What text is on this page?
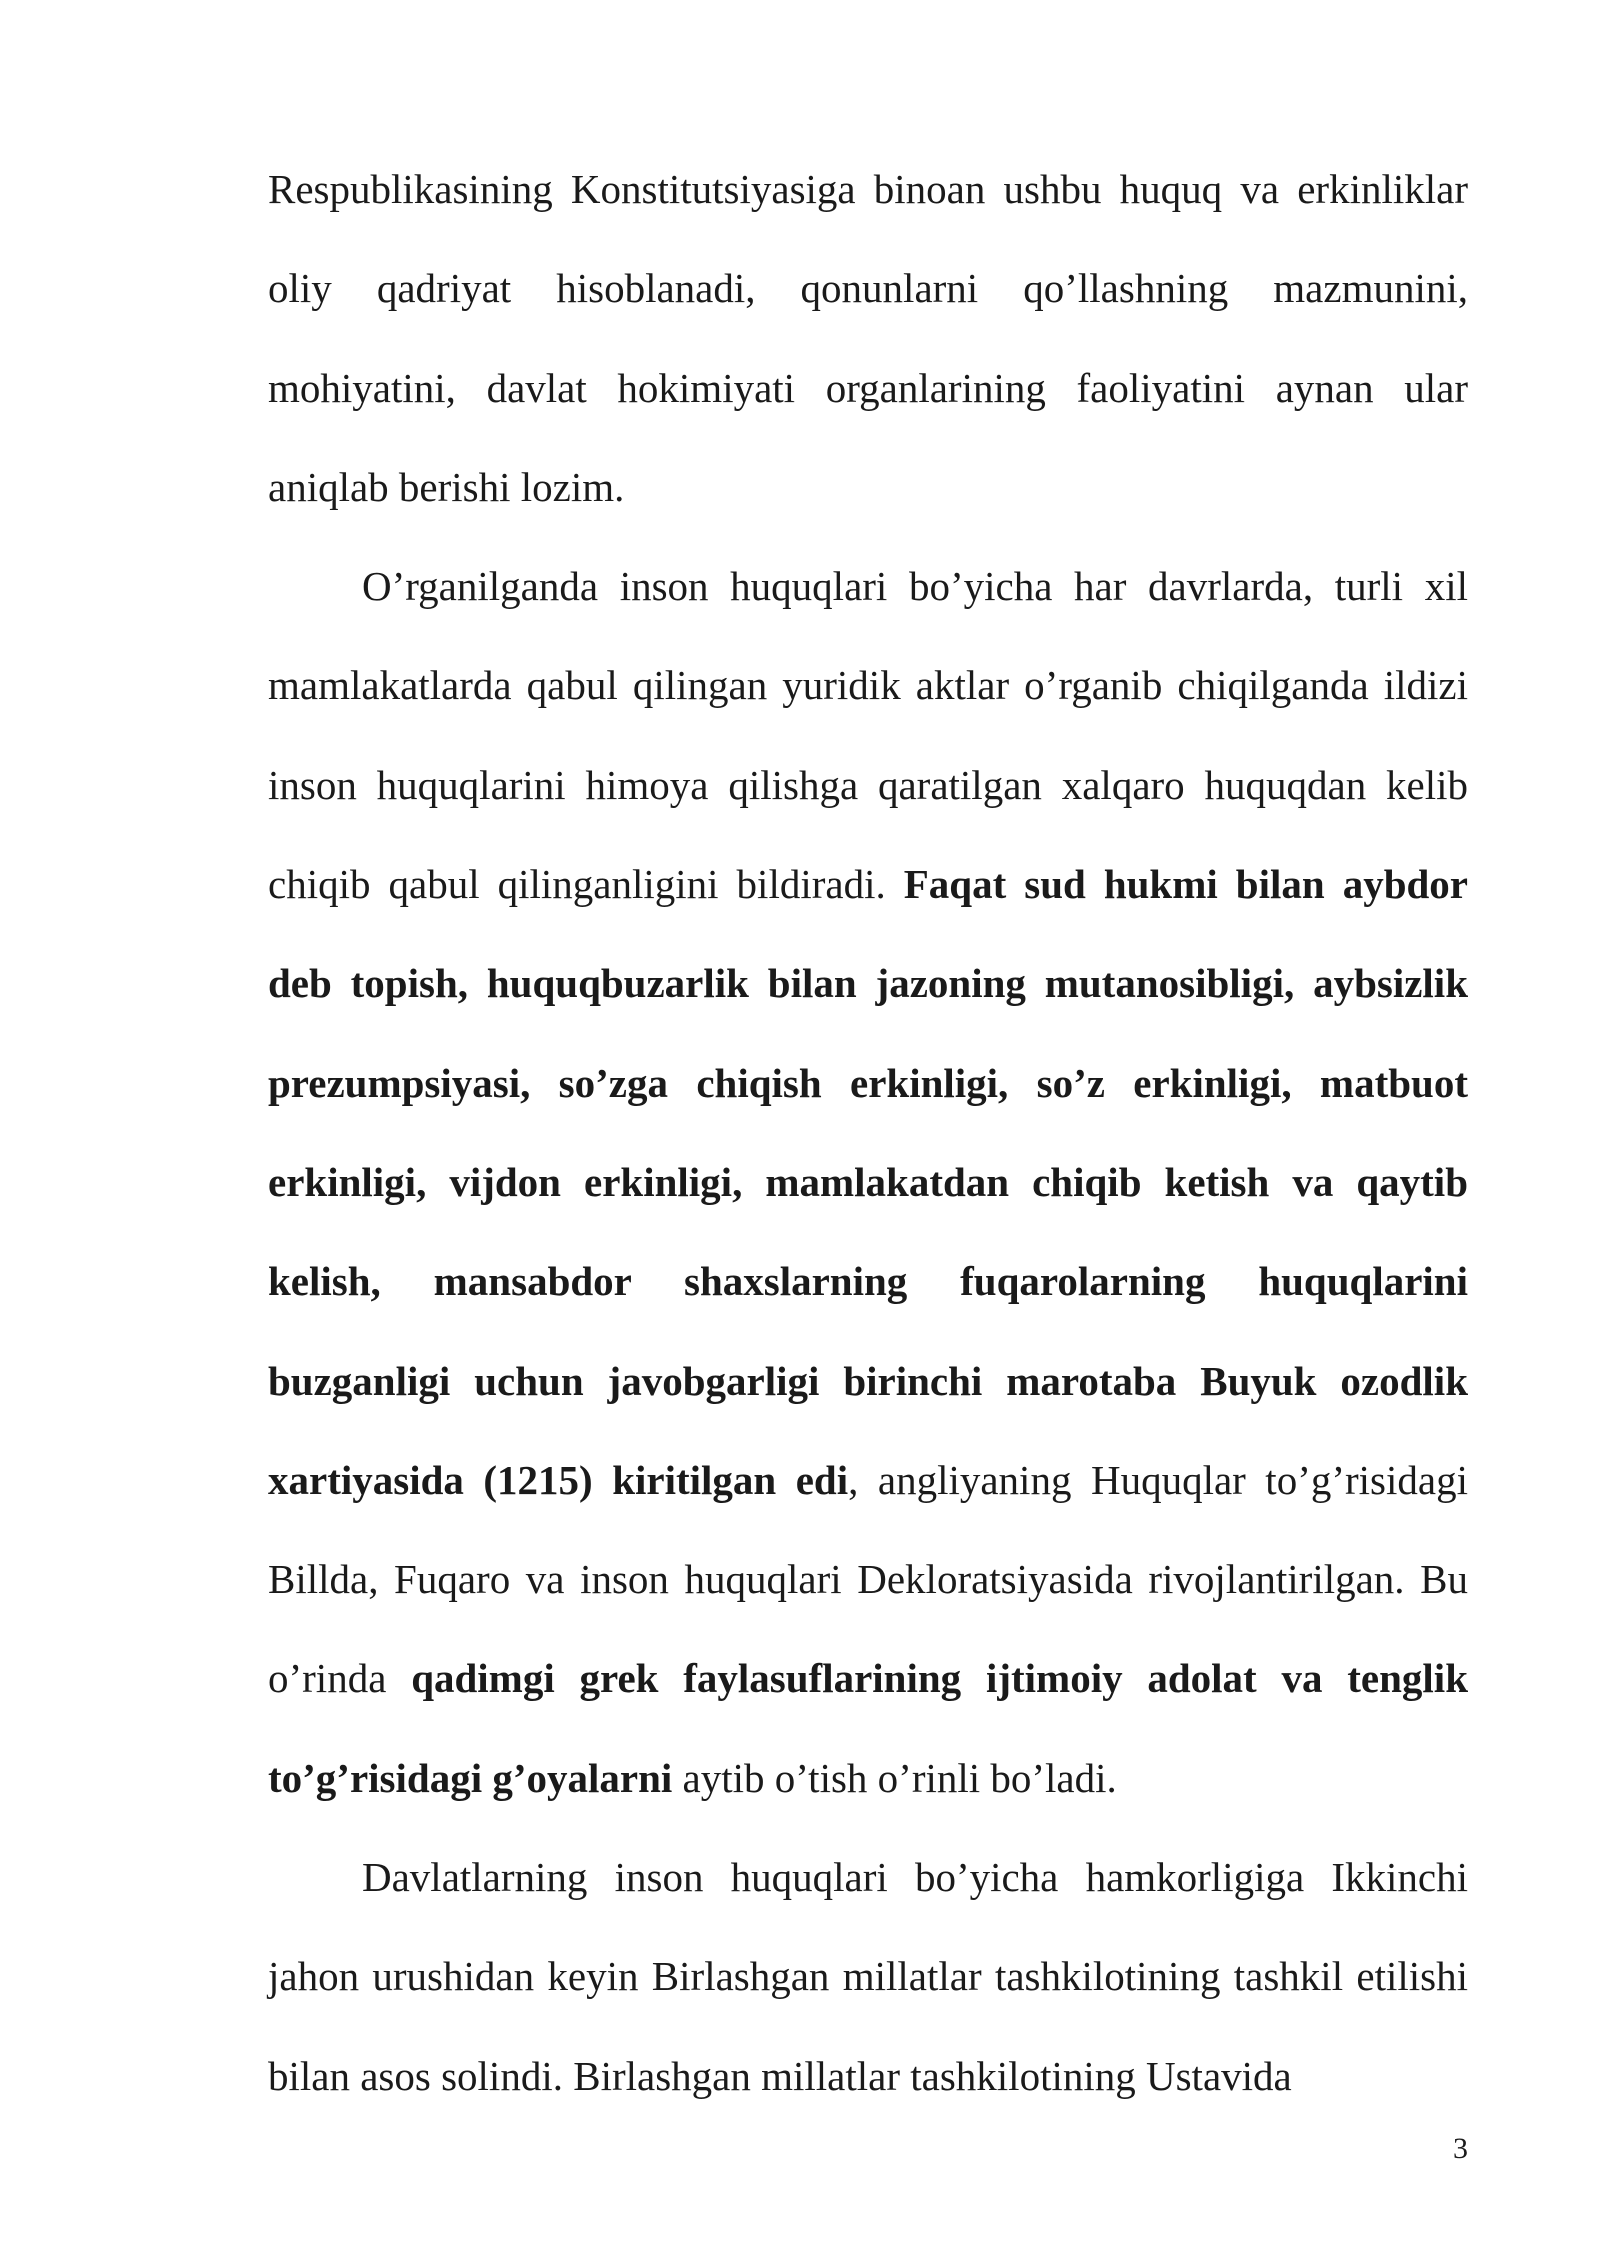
Respublikasining Konstitutsiyasiga binoan ushbu huquq va erkinliklar oliy qadriyat hisoblanadi, qonunlarni qo’llashning mazmunini, mohiyatini, davlat hokimiyati organlarining faoliyatini aynan ular aniqlab berishi lozim.

O’rganilganda inson huquqlari bo’yicha har davrlarda, turli xil mamlakatlarda qabul qilingan yuridik aktlar o’rganib chiqilganda ildizi inson huquqlarini himoya qilishga qaratilgan xalqaro huquqdan kelib chiqib qabul qilinganligini bildiradi. Faqat sud hukmi bilan aybdor deb topish, huquqbuzarlik bilan jazoning mutanosibligi, aybsizlik prezumpsiyasi, so’zga chiqish erkinligi, so’z erkinligi, matbuot erkinligi, vijdon erkinligi, mamlakatdan chiqib ketish va qaytib kelish, mansabdor shaxslarning fuqarolarning huquqlarini buzganligi uchun javobgarligi birinchi marotaba Buyuk ozodlik xartiyasida (1215) kiritilgan edi, angliyaning Huquqlar to’g’risidagi Billda, Fuqaro va inson huquqlari Dekloratsiyasida rivojlantirilgan. Bu o’rinda qadimgi grek faylasuflarining ijtimoiy adolat va tenglik to’g’risidagi g’oyalarni aytib o’tish o’rinli bo’ladi.

Davlatlarning inson huquqlari bo’yicha hamkorligiga Ikkinchi jahon urushidan keyin Birlashgan millatlar tashkilotining tashkil etilishi bilan asos solindi. Birlashgan millatlar tashkilotining Ustavida

3
